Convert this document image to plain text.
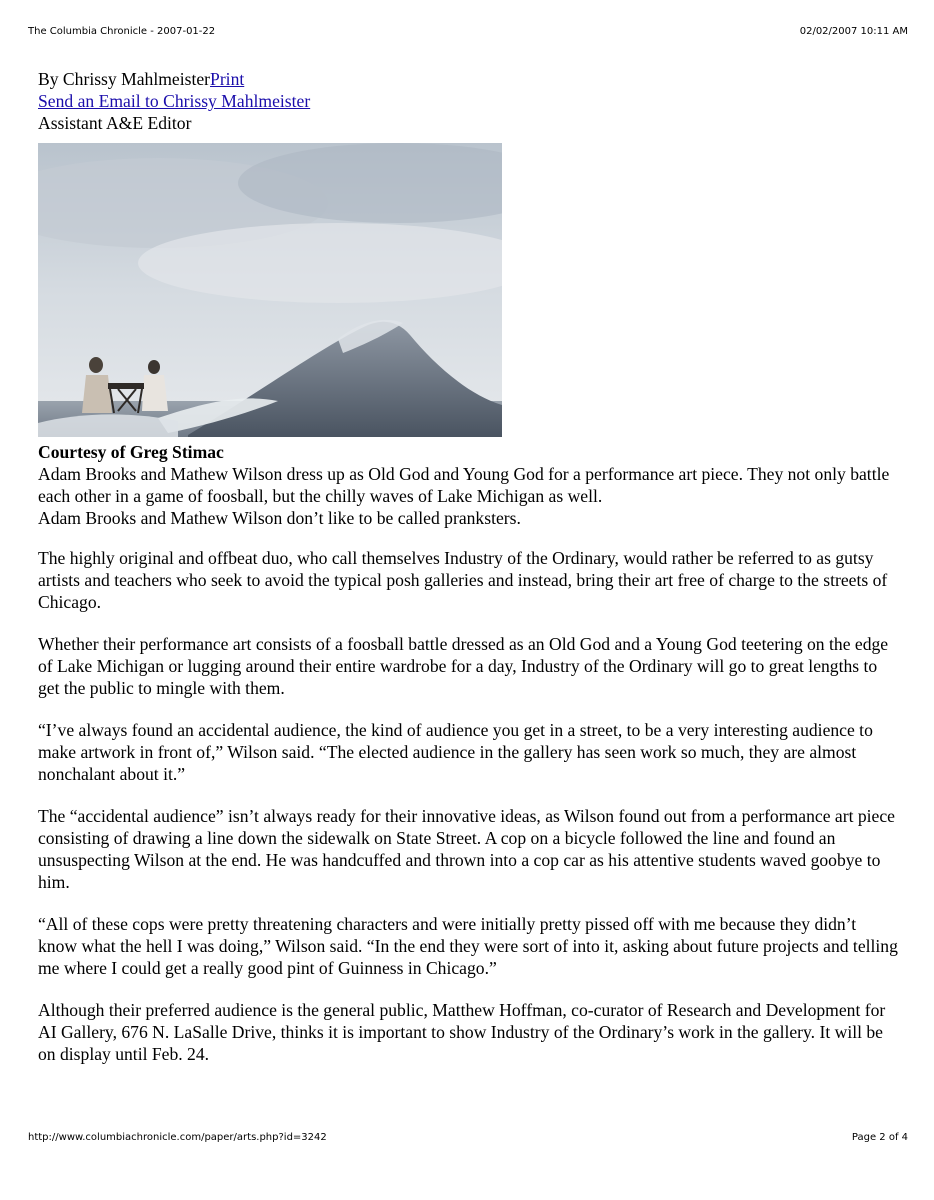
The Columbia Chronicle - 2007-01-22	02/02/2007 10:11 AM
By Chrissy MahlmeisterPrint
Send an Email to Chrissy Mahlmeister
Assistant A&E Editor
Courtesy of Greg Stimac

Adam Brooks and Mathew Wilson dress up as Old God and Young God for a performance art piece. They not only battle each other in a game of foosball, but the chilly waves of Lake Michigan as well.

Adam Brooks and Mathew Wilson don’t like to be called pranksters.

The highly original and offbeat duo, who call themselves Industry of the Ordinary, would rather be referred to as gutsy artists and teachers who seek to avoid the typical posh galleries and instead, bring their art free of charge to the streets of Chicago.

Whether their performance art consists of a foosball battle dressed as an Old God and a Young God teetering on the edge of Lake Michigan or lugging around their entire wardrobe for a day, Industry of the Ordinary will go to great lengths to get the public to mingle with them.

“I’ve always found an accidental audience, the kind of audience you get in a street, to be a very interesting audience to make artwork in front of,” Wilson said. “The elected audience in the gallery has seen work so much, they are almost nonchalant about it.”

The “accidental audience” isn’t always ready for their innovative ideas, as Wilson found out from a performance art piece consisting of drawing a line down the sidewalk on State Street. A cop on a bicycle followed the line and found an unsuspecting Wilson at the end. He was handcuffed and thrown into a cop car as his attentive students waved goobye to him.

“All of these cops were pretty threatening characters and were initially pretty pissed off with me because they didn’t know what the hell I was doing,” Wilson said. “In the end they were sort of into it, asking about future projects and telling me where I could get a really good pint of Guinness in Chicago.”

Although their preferred audience is the general public, Matthew Hoffman, co-curator of Research and Development for AI Gallery, 676 N. LaSalle Drive, thinks it is important to show Industry of the Ordinary’s work in the gallery. It will be on display until Feb. 24.

http://www.columbiachronicle.com/paper/arts.php?id=3242	Page 2 of 4
